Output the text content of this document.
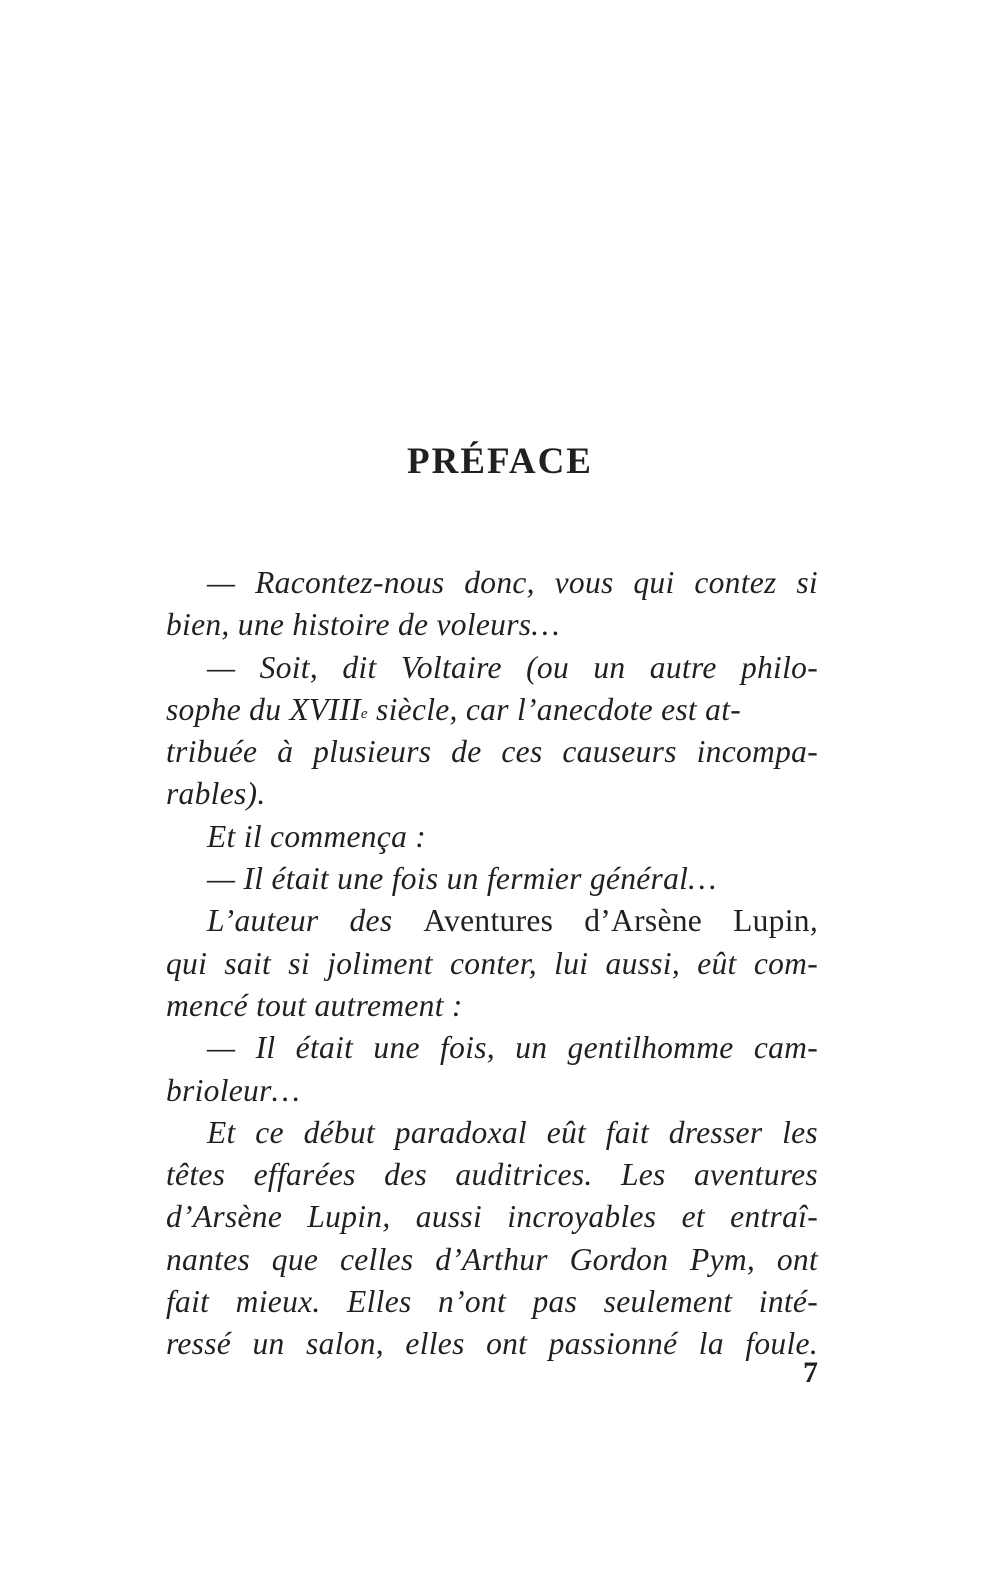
PRÉFACE
— Racontez-nous donc, vous qui contez si
bien, une histoire de voleurs…
— Soit, dit Voltaire (ou un autre philo-
sophe du XVIIIe siècle, car l’anecdote est at-
tribuée à plusieurs de ces causeurs incompa-
rables).
Et il commença :
— Il était une fois un fermier général…
L’auteur des Aventures d’Arsène Lupin,
qui sait si joliment conter, lui aussi, eût com-
mencé tout autrement :
— Il était une fois, un gentilhomme cam-
brioleur…
Et ce début paradoxal eût fait dresser les
têtes effarées des auditrices. Les aventures
d’Arsène Lupin, aussi incroyables et entraî-
nantes que celles d’Arthur Gordon Pym, ont
fait mieux. Elles n’ont pas seulement inté-
ressé un salon, elles ont passionné la foule.
7
